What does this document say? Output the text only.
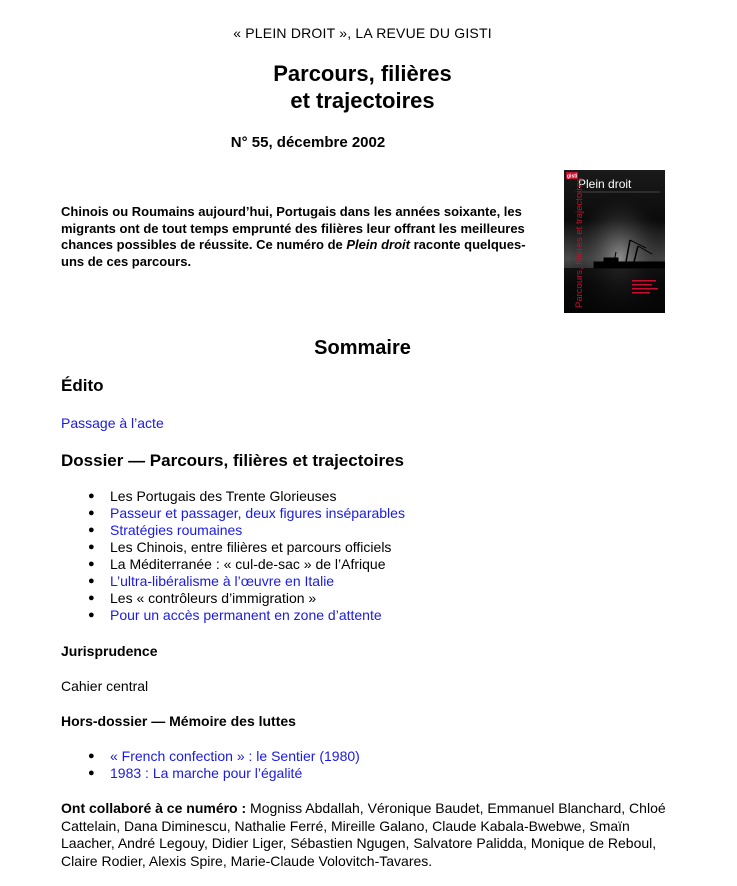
« PLEIN DROIT », LA REVUE DU GISTI
Parcours, filières
et trajectoires
N° 55, décembre 2002
Chinois ou Roumains aujourd’hui, Portugais dans les années soixante, les migrants ont de tout temps emprunté des filières leur offrant les meilleures chances possibles de réussite. Ce numéro de Plein droit raconte quelques-uns de ces parcours.
gisti
Plein droit
Parcours, filières et trajectoires
Sommaire
Édito
Passage à l’acte
Dossier — Parcours, filières et trajectoires
● Les Portugais des Trente Glorieuses
● Passeur et passager, deux figures inséparables
● Stratégies roumaines
● Les Chinois, entre filières et parcours officiels
● La Méditerranée : « cul-de-sac » de l’Afrique
● L’ultra-libéralisme à l’œuvre en Italie
● Les « contrôleurs d’immigration »
● Pour un accès permanent en zone d’attente
Jurisprudence
Cahier central
Hors-dossier — Mémoire des luttes
● « French confection » : le Sentier (1980)
● 1983 : La marche pour l’égalité
Ont collaboré à ce numéro : Mogniss Abdallah, Véronique Baudet, Emmanuel Blanchard, Chloé Cattelain, Dana Diminescu, Nathalie Ferré, Mireille Galano, Claude Kabala-Bwebwe, Smaïn Laacher, André Legouy, Didier Liger, Sébastien Ngugen, Salvatore Palidda, Monique de Reboul, Claire Rodier, Alexis Spire, Marie-Claude Volovitch-Tavares.
